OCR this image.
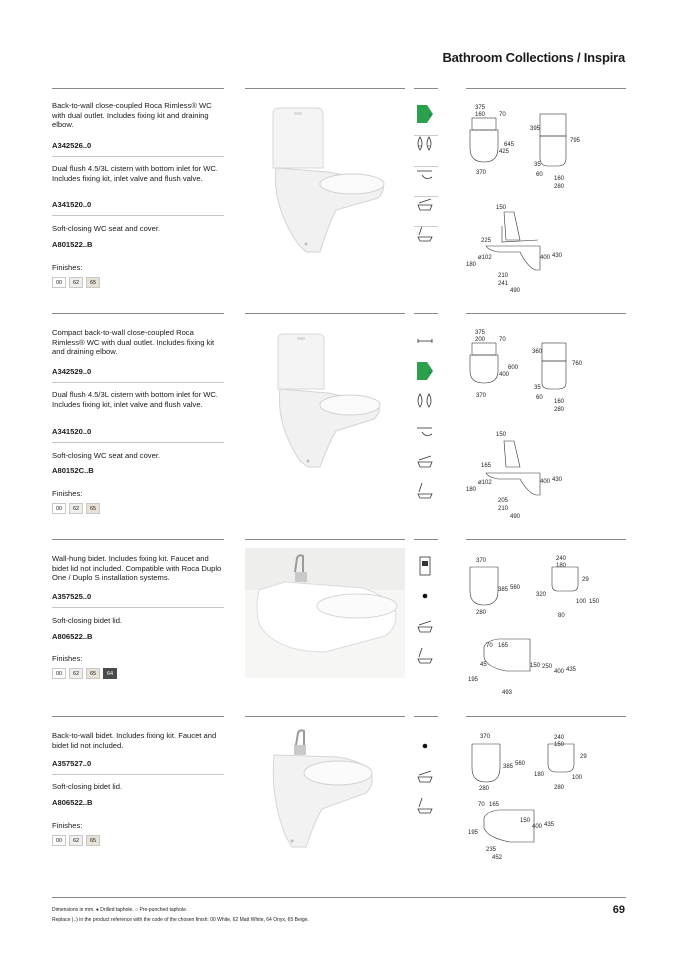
Bathroom Collections / Inspira
Back-to-wall close-coupled Roca Rimless® WC with dual outlet. Includes fixing kit and draining elbow.
A342526..0
Dual flush 4.5/3L cistern with bottom inlet for WC. Includes fixing kit, inlet valve and flush valve.
A341520..0
Soft-closing WC seat and cover.
A801522..B
Finishes:
00	62	65
4.5 3
375
160 70
395
795
645
425
370
35
60
160
280
150
225
ø102
180
400 430
210
241
490
Compact back-to-wall close-coupled Roca Rimless® WC with dual outlet. Includes fixing kit and draining elbow.
A342529..0
Dual flush 4.5/3L cistern with bottom inlet for WC. Includes fixing kit, inlet valve and flush valve.
A341520..0
Soft-closing WC seat and cover.
A80152C..B
Finishes:
00	62	65
375
200 70
360
760
600
400
370
35
60
160
280
150
165
ø102
180
400 430
205
210
490
Wall-hung bidet. Includes fixing kit. Faucet and bidet lid not included. Compatible with Roca Duplo One / Duplo S installation systems.
A357525..0
Soft-closing bidet lid.
A806522..B
Finishes:
00	62	65	64
370
385 560
280
240
180
29
320
100 150
80
70 165
45	150 250
400 435
195
493
Back-to-wall bidet. Includes fixing kit. Faucet and bidet lid not included.
A357527..0
Soft-closing bidet lid.
A806522..B
Finishes:
00	62	65
370
385 560
280
240
150
29
180	100
280
70 165
150
400 435
195
235
452
Dimensions in mm. ● Drilled taphole. ○ Pre-punched taphole.
Replace (..) in the product reference with the code of the chosen finish: 00 White, 62 Matt White, 64 Onyx, 65 Beige.
69
